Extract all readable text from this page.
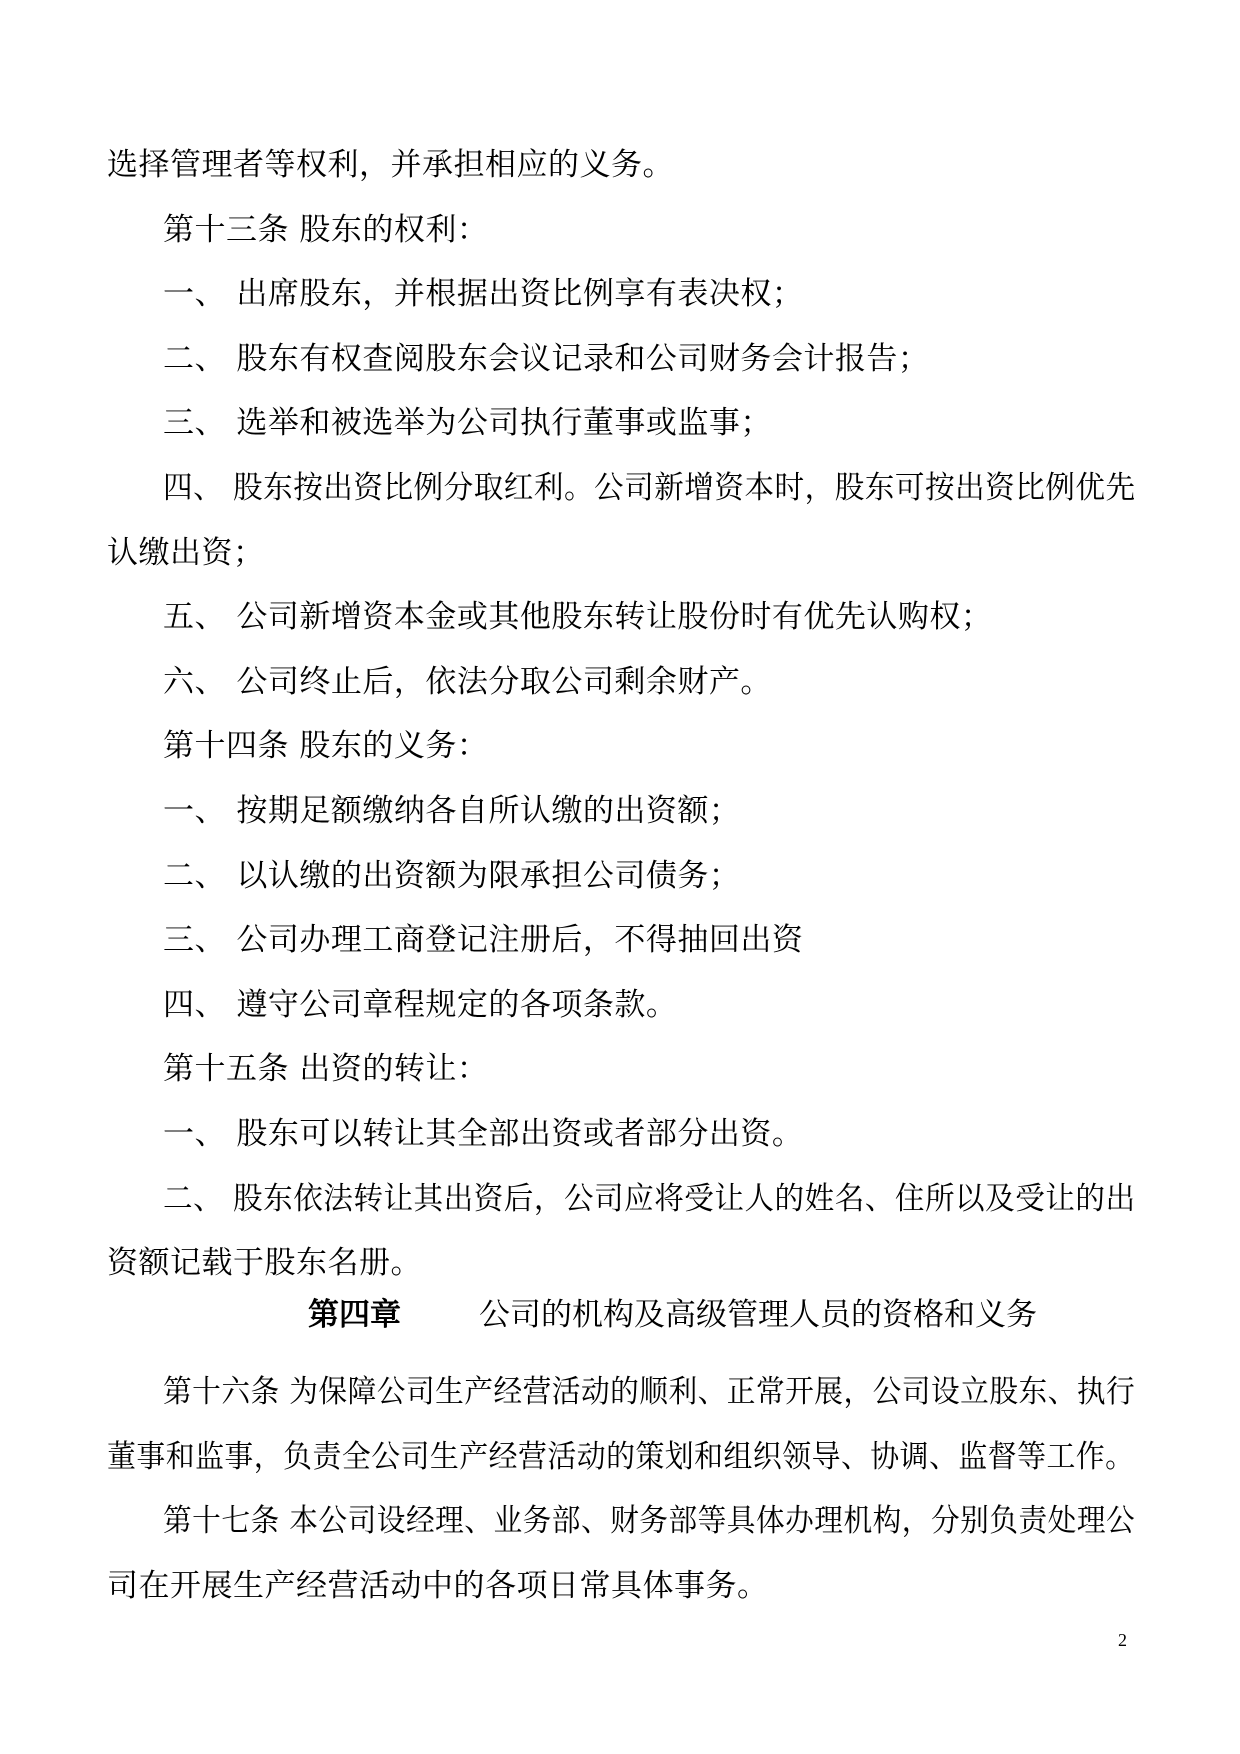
选择管理者等权利，并承担相应的义务。
第十三条 股东的权利：
一、 出席股东，并根据出资比例享有表决权；
二、 股东有权查阅股东会议记录和公司财务会计报告；
三、 选举和被选举为公司执行董事或监事；
四、 股东按出资比例分取红利。公司新增资本时，股东可按出资比例优先
认缴出资；
五、 公司新增资本金或其他股东转让股份时有优先认购权；
六、 公司终止后，依法分取公司剩余财产。
第十四条 股东的义务：
一、 按期足额缴纳各自所认缴的出资额；
二、 以认缴的出资额为限承担公司债务；
三、 公司办理工商登记注册后，不得抽回出资
四、 遵守公司章程规定的各项条款。
第十五条 出资的转让：
一、 股东可以转让其全部出资或者部分出资。
二、 股东依法转让其出资后，公司应将受让人的姓名、住所以及受让的出
资额记载于股东名册。
第四章	公司的机构及高级管理人员的资格和义务
第十六条 为保障公司生产经营活动的顺利、正常开展，公司设立股东、执行
董事和监事，负责全公司生产经营活动的策划和组织领导、协调、监督等工作。
第十七条 本公司设经理、业务部、财务部等具体办理机构，分别负责处理公
司在开展生产经营活动中的各项日常具体事务。
2
